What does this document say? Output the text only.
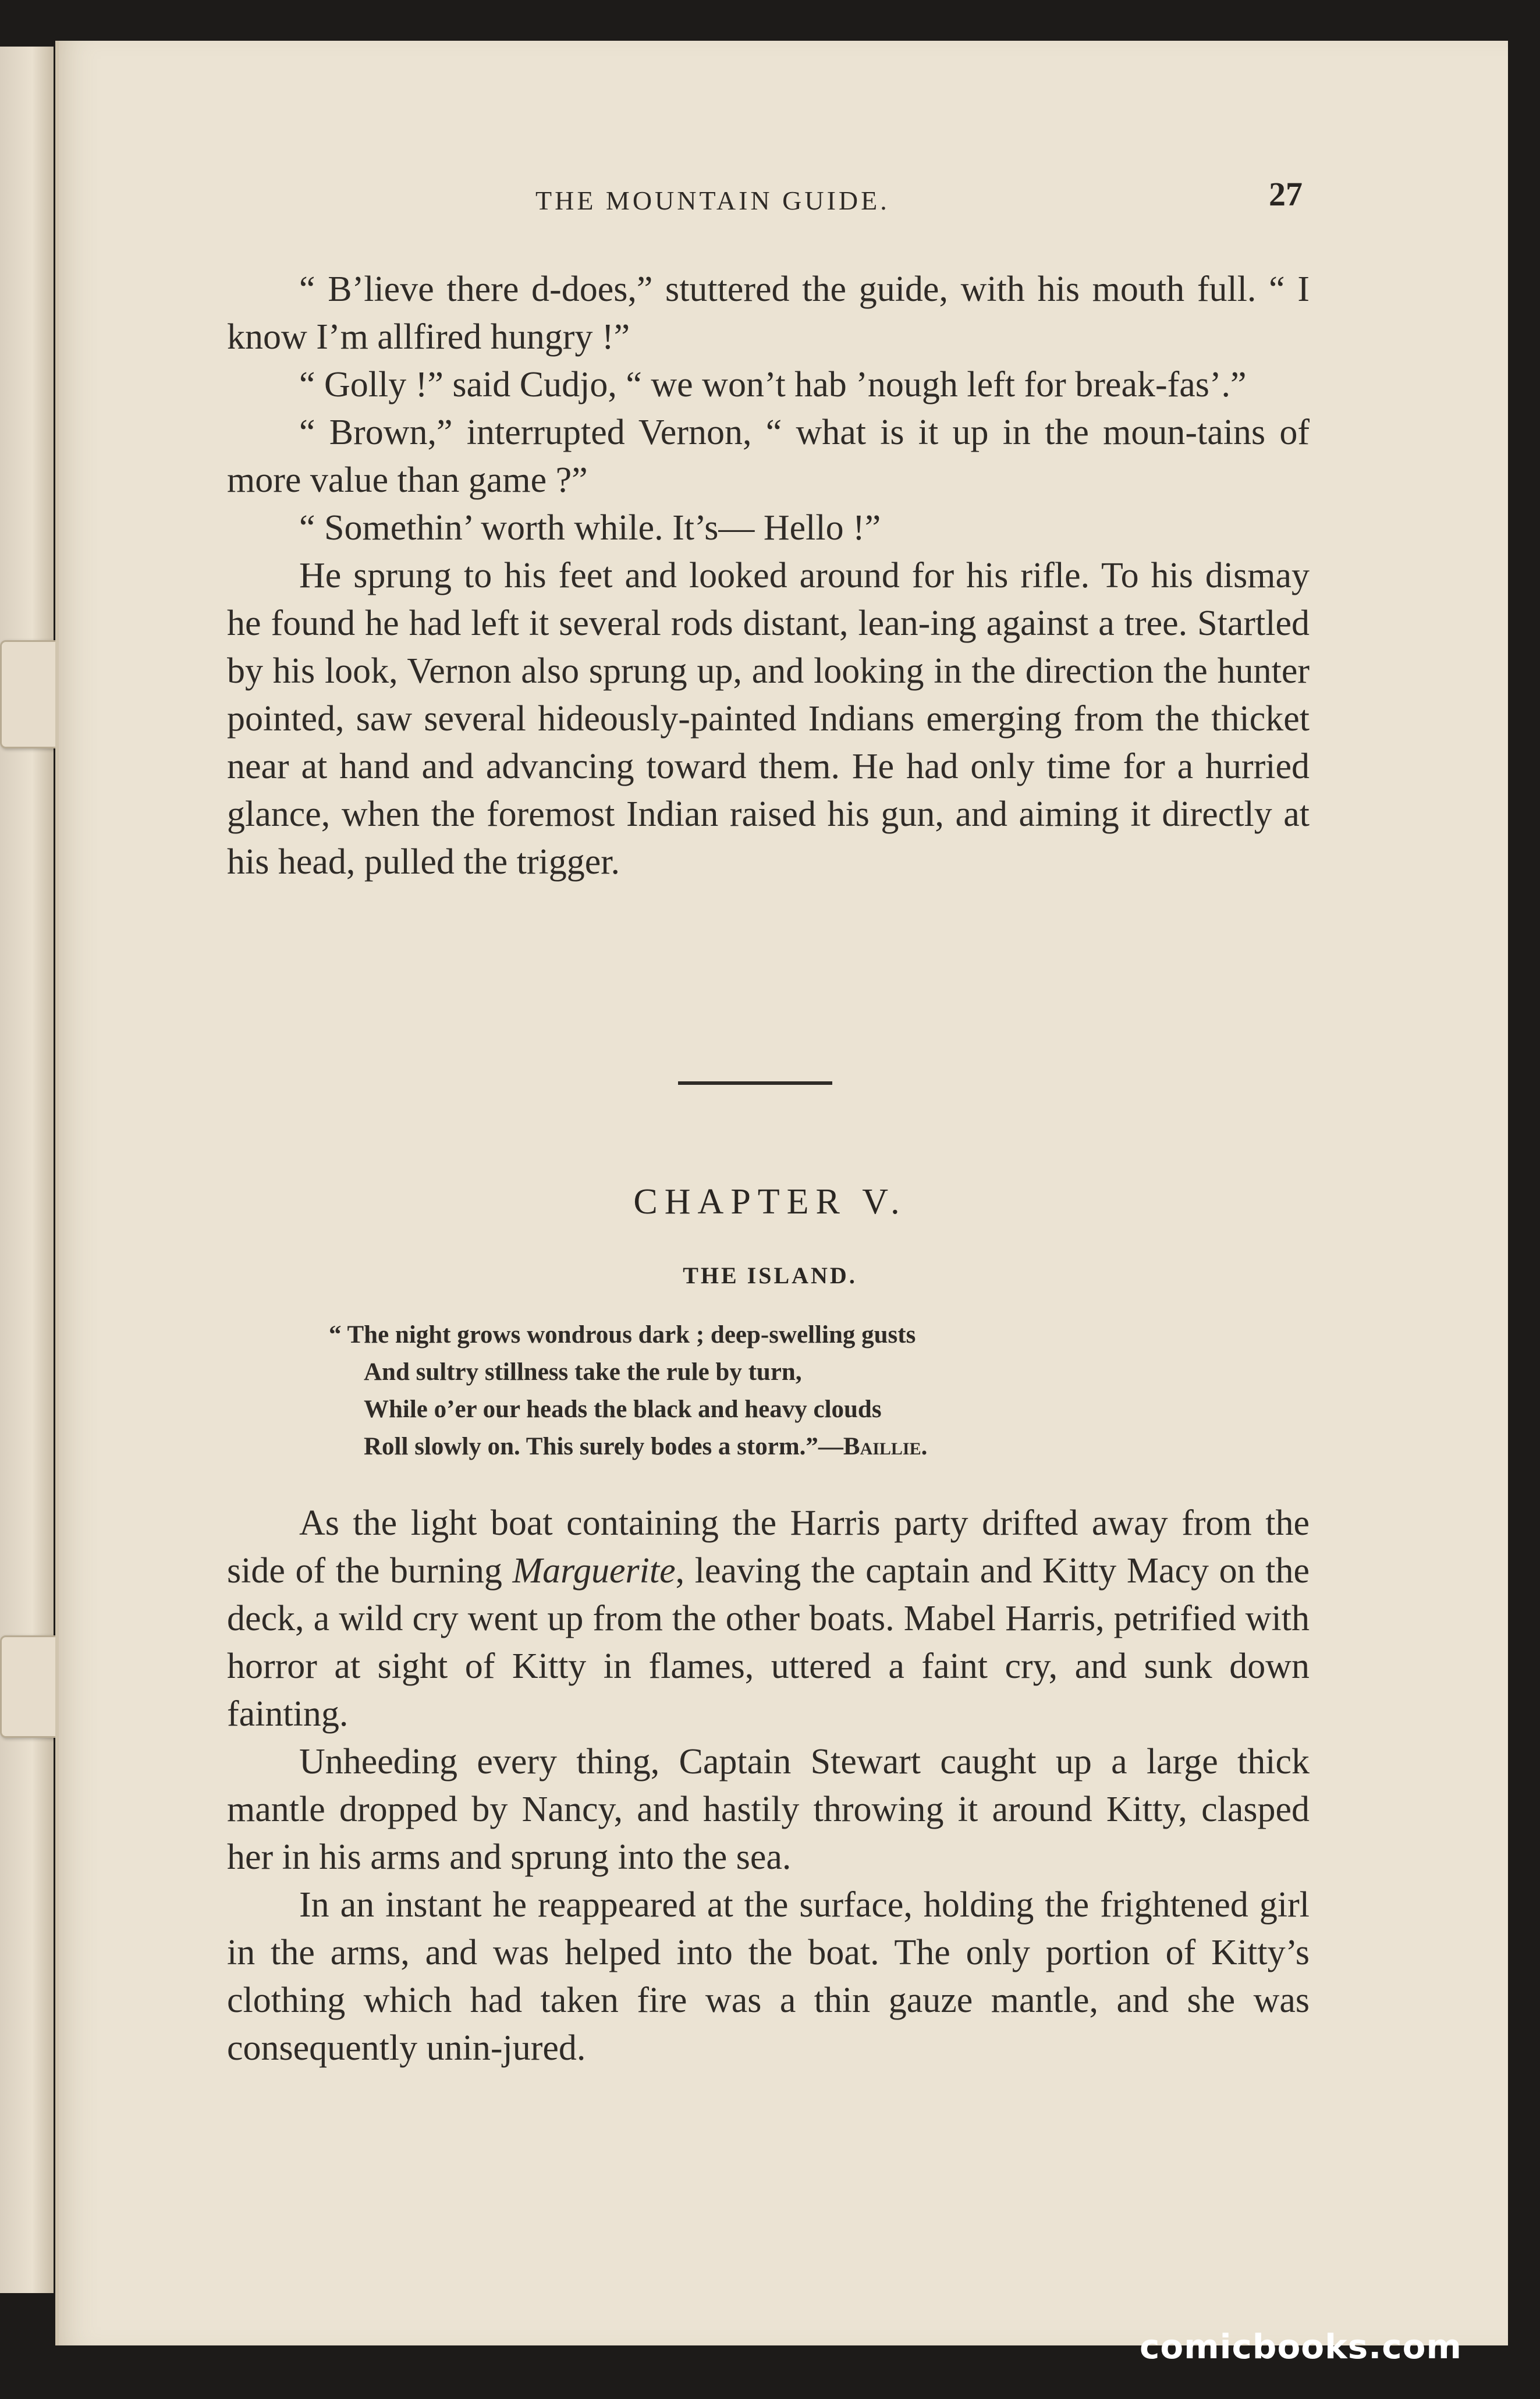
THE MOUNTAIN GUIDE.	27

“ B’lieve there d-does,” stuttered the guide, with his mouth full. “ I know I’m allfired hungry !”

“ Golly !” said Cudjo, “ we won’t hab ’nough left for break-fas’.”

“ Brown,” interrupted Vernon, “ what is it up in the moun-tains of more value than game ?”

“ Somethin’ worth while. It’s— Hello !”

He sprung to his feet and looked around for his rifle. To his dismay he found he had left it several rods distant, lean-ing against a tree. Startled by his look, Vernon also sprung up, and looking in the direction the hunter pointed, saw several hideously-painted Indians emerging from the thicket near at hand and advancing toward them. He had only time for a hurried glance, when the foremost Indian raised his gun, and aiming it directly at his head, pulled the trigger.

CHAPTER V.
THE ISLAND.
“ The night grows wondrous dark ; deep-swelling gusts
And sultry stillness take the rule by turn,
While o’er our heads the black and heavy clouds
Roll slowly on. This surely bodes a storm.”—Baillie.

As the light boat containing the Harris party drifted away from the side of the burning Marguerite, leaving the captain and Kitty Macy on the deck, a wild cry went up from the other boats. Mabel Harris, petrified with horror at sight of Kitty in flames, uttered a faint cry, and sunk down fainting.

Unheeding every thing, Captain Stewart caught up a large thick mantle dropped by Nancy, and hastily throwing it around Kitty, clasped her in his arms and sprung into the sea.

In an instant he reappeared at the surface, holding the frightened girl in the arms, and was helped into the boat. The only portion of Kitty’s clothing which had taken fire was a thin gauze mantle, and she was consequently unin-jured.

comicbooks.com
